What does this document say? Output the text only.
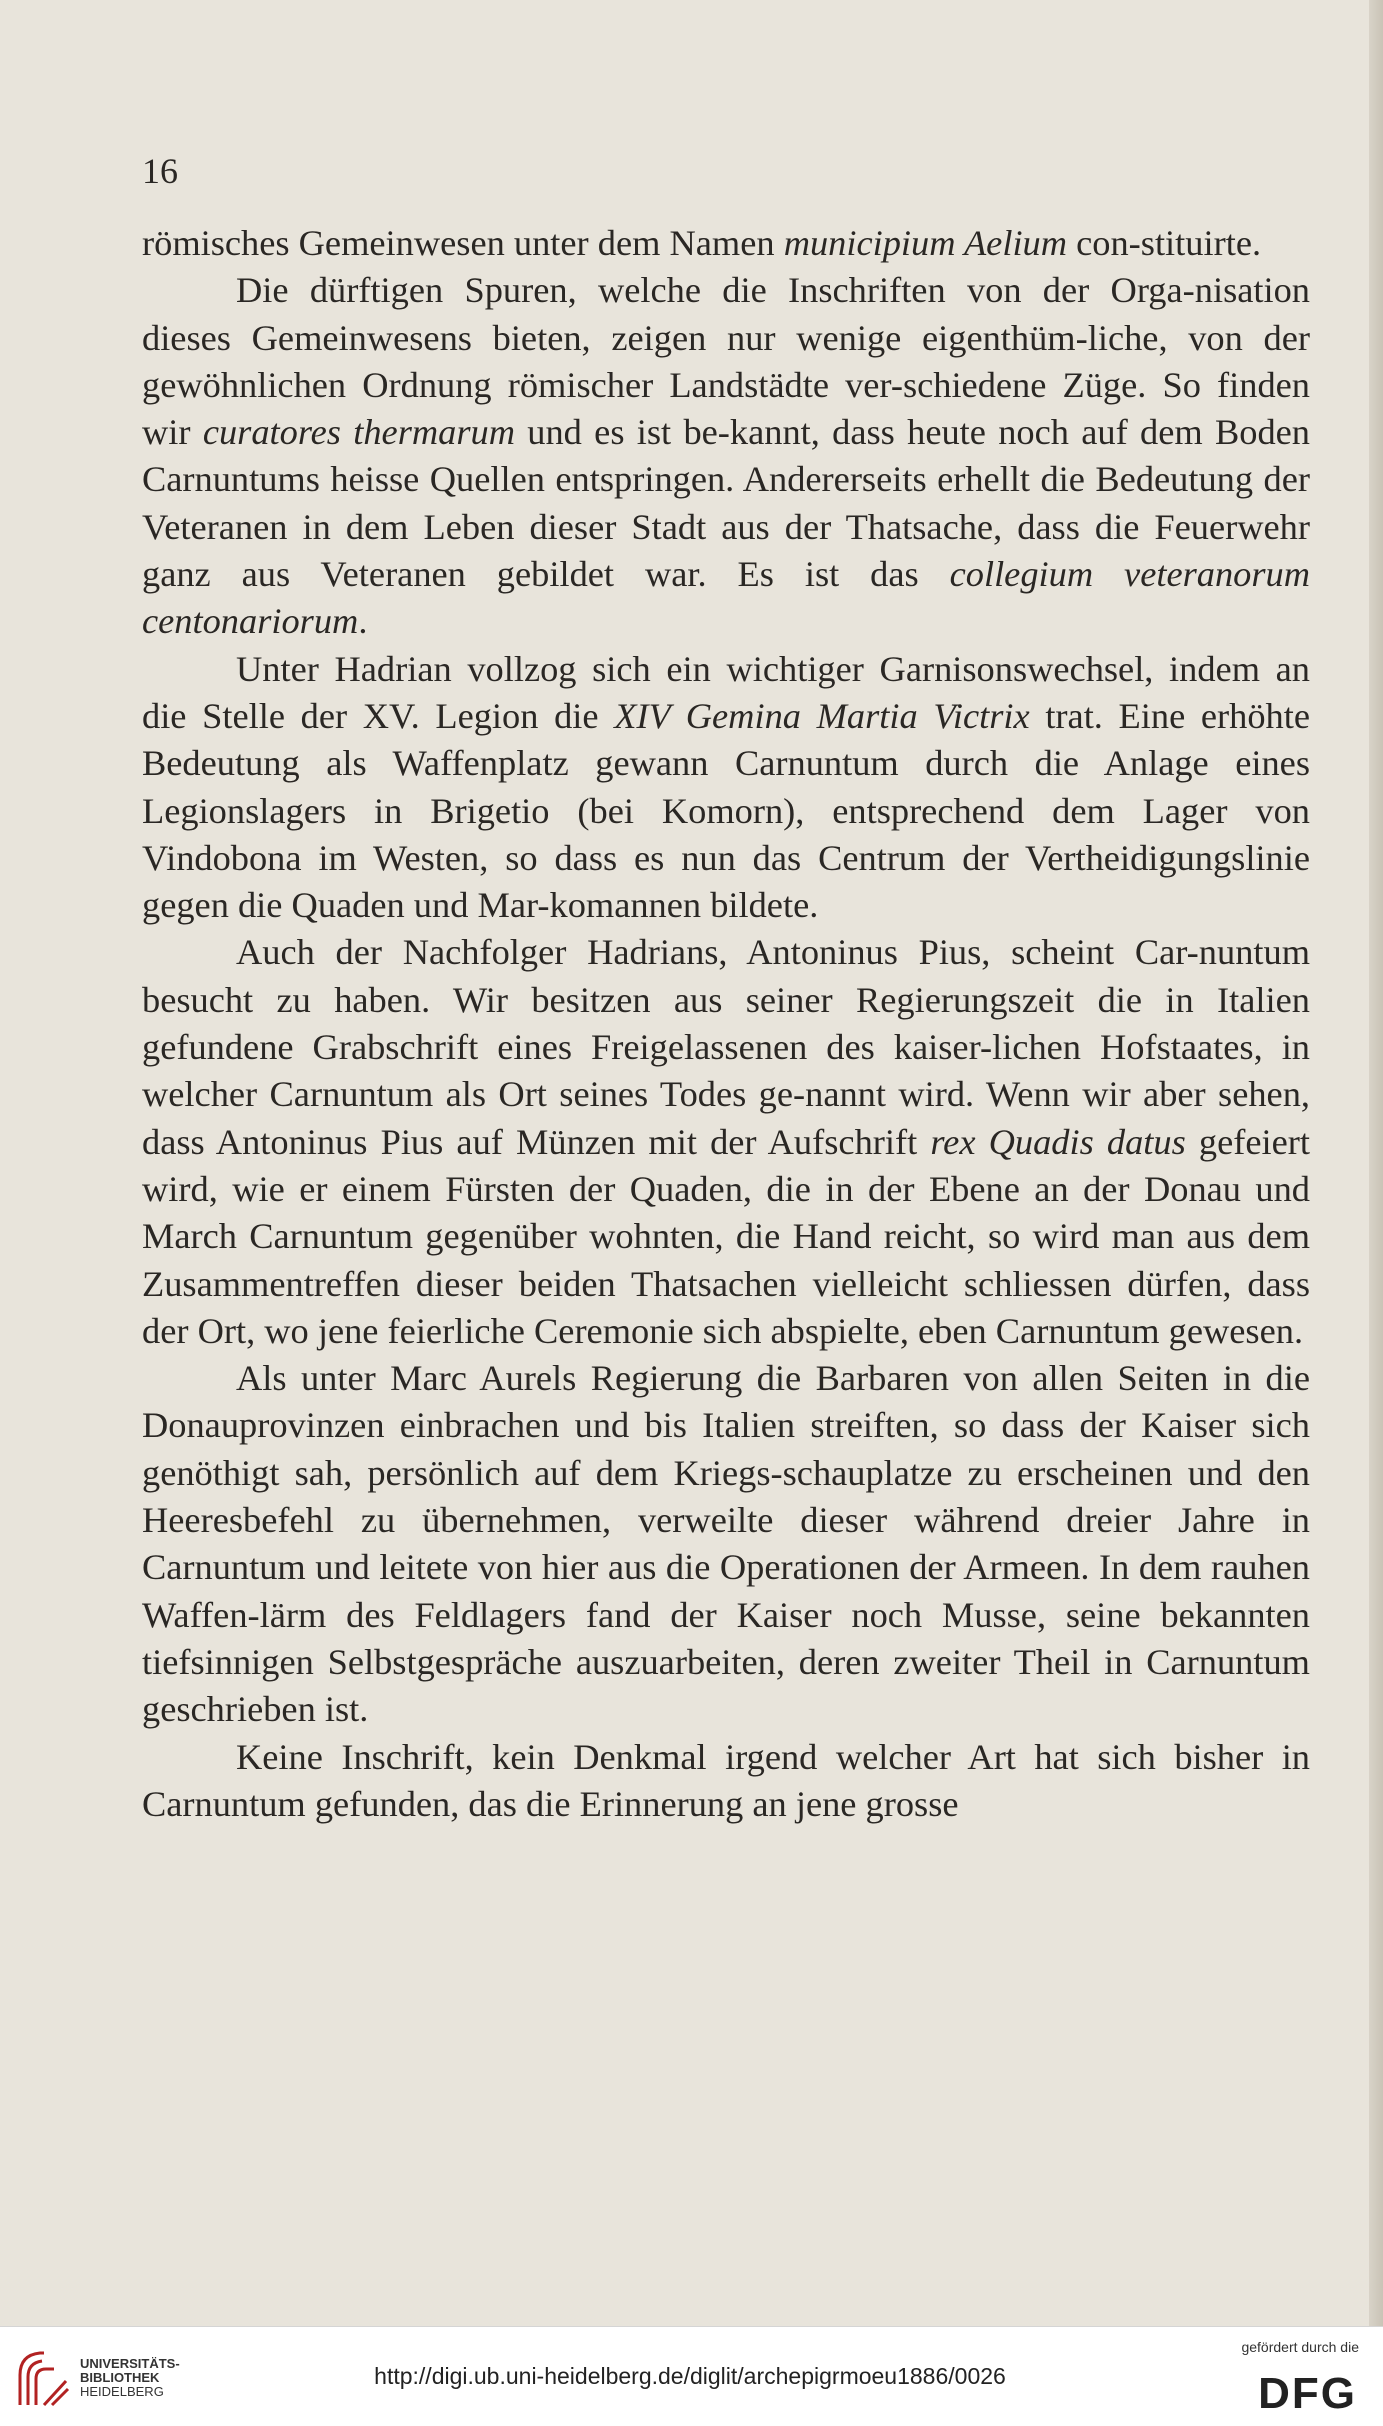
16

römisches Gemeinwesen unter dem Namen municipium Aelium con-stituirte.

Die dürftigen Spuren, welche die Inschriften von der Orga-nisation dieses Gemeinwesens bieten, zeigen nur wenige eigenthüm-liche, von der gewöhnlichen Ordnung römischer Landstädte ver-schiedene Züge. So finden wir curatores thermarum und es ist be-kannt, dass heute noch auf dem Boden Carnuntums heisse Quellen entspringen. Andererseits erhellt die Bedeutung der Veteranen in dem Leben dieser Stadt aus der Thatsache, dass die Feuerwehr ganz aus Veteranen gebildet war. Es ist das collegium veteranorum centonariorum.

Unter Hadrian vollzog sich ein wichtiger Garnisonswechsel, indem an die Stelle der XV. Legion die XIV Gemina Martia Victrix trat. Eine erhöhte Bedeutung als Waffenplatz gewann Carnuntum durch die Anlage eines Legionslagers in Brigetio (bei Komorn), entsprechend dem Lager von Vindobona im Westen, so dass es nun das Centrum der Vertheidigungslinie gegen die Quaden und Mar-komannen bildete.

Auch der Nachfolger Hadrians, Antoninus Pius, scheint Car-nuntum besucht zu haben. Wir besitzen aus seiner Regierungszeit die in Italien gefundene Grabschrift eines Freigelassenen des kaiser-lichen Hofstaates, in welcher Carnuntum als Ort seines Todes ge-nannt wird. Wenn wir aber sehen, dass Antoninus Pius auf Münzen mit der Aufschrift rex Quadis datus gefeiert wird, wie er einem Fürsten der Quaden, die in der Ebene an der Donau und March Carnuntum gegenüber wohnten, die Hand reicht, so wird man aus dem Zusammentreffen dieser beiden Thatsachen vielleicht schliessen dürfen, dass der Ort, wo jene feierliche Ceremonie sich abspielte, eben Carnuntum gewesen.

Als unter Marc Aurels Regierung die Barbaren von allen Seiten in die Donauprovinzen einbrachen und bis Italien streiften, so dass der Kaiser sich genöthigt sah, persönlich auf dem Kriegs-schauplatze zu erscheinen und den Heeresbefehl zu übernehmen, verweilte dieser während dreier Jahre in Carnuntum und leitete von hier aus die Operationen der Armeen. In dem rauhen Waffen-lärm des Feldlagers fand der Kaiser noch Musse, seine bekannten tiefsinnigen Selbstgespräche auszuarbeiten, deren zweiter Theil in Carnuntum geschrieben ist.

Keine Inschrift, kein Denkmal irgend welcher Art hat sich bisher in Carnuntum gefunden, das die Erinnerung an jene grosse

UNIVERSITÄTS-
BIBLIOTHEK
HEIDELBERG
http://digi.ub.uni-heidelberg.de/diglit/archepigrmoeu1886/0026
gefördert durch die
DFG
